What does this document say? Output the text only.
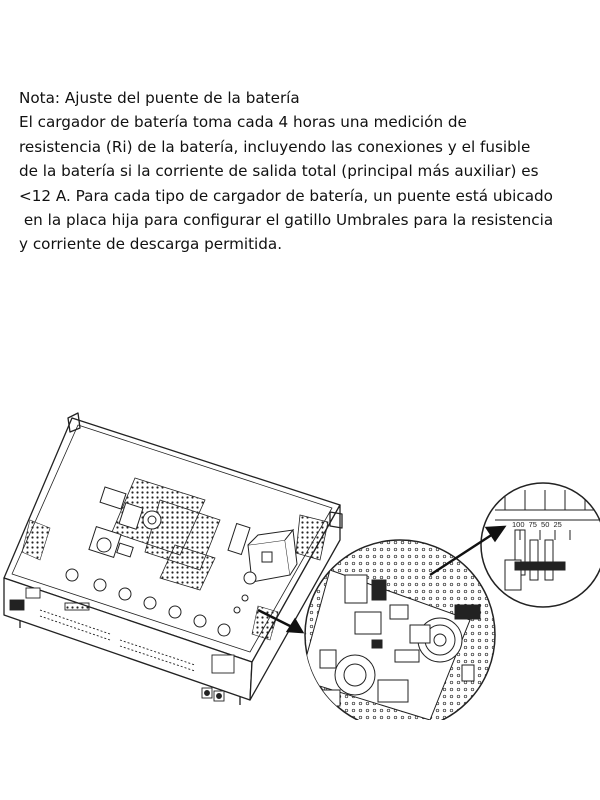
Nota: Ajuste del puente de la batería

El cargador de batería toma cada 4 horas una medición de

resistencia (Ri) de la batería, incluyendo las conexiones y el fusible

de la batería si la corriente de salida total (principal más auxiliar) es

<12 A. Para cada tipo de cargador de batería, un puente está ubicado

en la placa hija para configurar el gatillo Umbrales para la resistencia

y corriente de descarga permitida.

100 75 50 25
